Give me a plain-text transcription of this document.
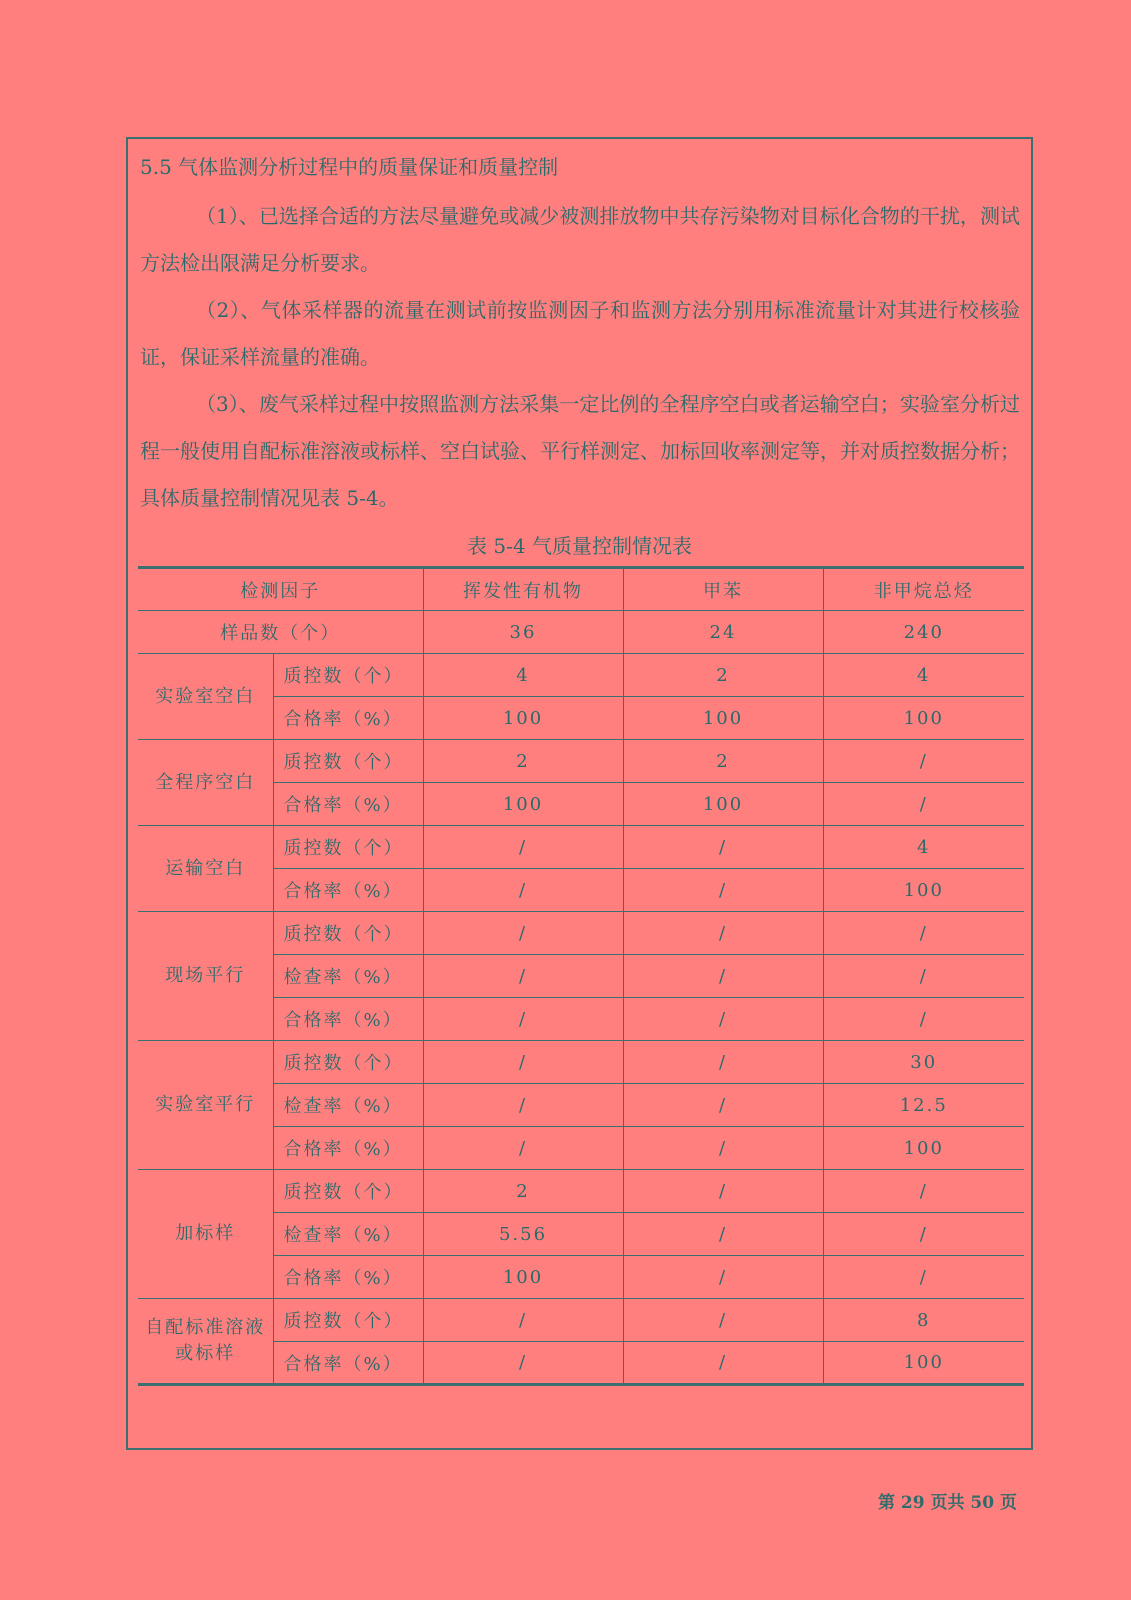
5.5 气体监测分析过程中的质量保证和质量控制

（1）、已选择合适的方法尽量避免或减少被测排放物中共存污染物对目标化合物的干扰，测试方法检出限满足分析要求。

（2）、气体采样器的流量在测试前按监测因子和监测方法分别用标准流量计对其进行校核验证，保证采样流量的准确。

（3）、废气采样过程中按照监测方法采集一定比例的全程序空白或者运输空白；实验室分析过程一般使用自配标准溶液或标样、空白试验、平行样测定、加标回收率测定等，并对质控数据分析；具体质量控制情况见表 5-4。

表 5-4 气质量控制情况表
检测因子		挥发性有机物	甲苯	非甲烷总烃
样品数（个）		36	24	240
实验室空白	质控数（个）	4	2	4
	合格率（%）	100	100	100
全程序空白	质控数（个）	2	2	/
	合格率（%）	100	100	/
运输空白	质控数（个）	/	/	4
	合格率（%）	/	/	100
现场平行	质控数（个）	/	/	/
	检查率（%）	/	/	/
	合格率（%）	/	/	/
实验室平行	质控数（个）	/	/	30
	检查率（%）	/	/	12.5
	合格率（%）	/	/	100
加标样	质控数（个）	2	/	/
	检查率（%）	5.56	/	/
	合格率（%）	100	/	/
自配标准溶液或标样	质控数（个）	/	/	8
	合格率（%）	/	/	100
第 29 页共 50 页
